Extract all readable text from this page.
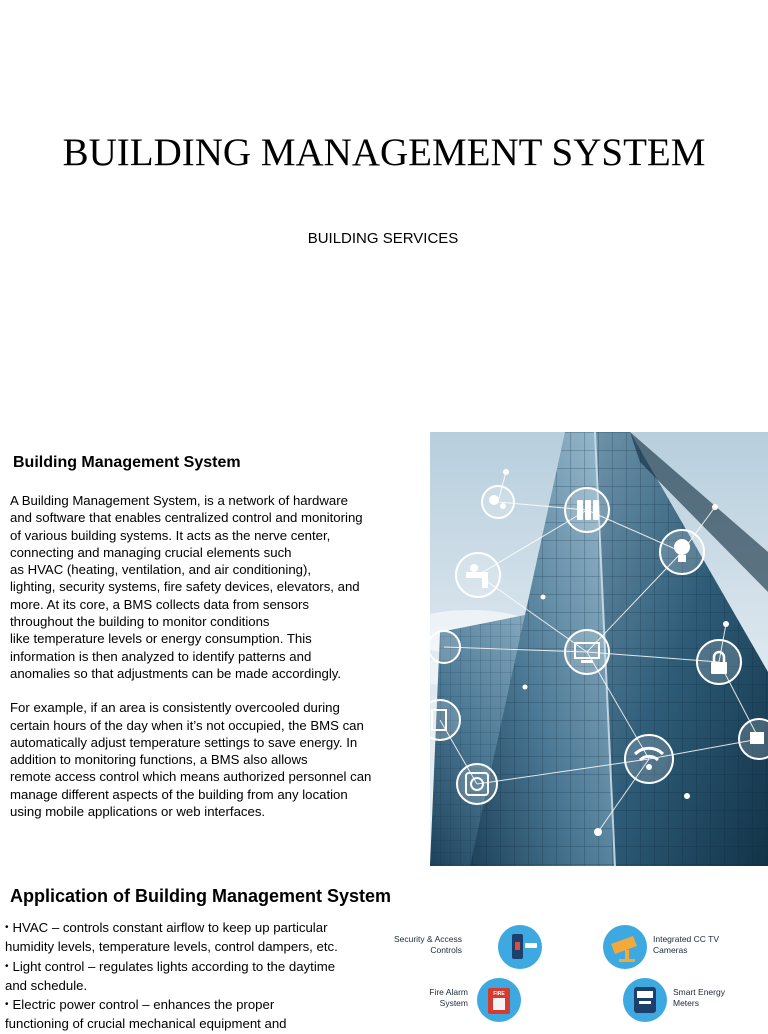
BUILDING MANAGEMENT SYSTEM
BUILDING SERVICES
Building Management System

A Building Management System, is a network of hardware
and software that enables centralized control and monitoring
of various building systems. It acts as the nerve center,
connecting and managing crucial elements such
as HVAC (heating, ventilation, and air conditioning),
lighting, security systems, fire safety devices, elevators, and
more. At its core, a BMS collects data from sensors
throughout the building to monitor conditions
like temperature levels or energy consumption. This
information is then analyzed to identify patterns and
anomalies so that adjustments can be made accordingly.

For example, if an area is consistently overcooled during
certain hours of the day when it’s not occupied, the BMS can
automatically adjust temperature settings to save energy. In
addition to monitoring functions, a BMS also allows
remote access control which means authorized personnel can
manage different aspects of the building from any location
using mobile applications or web interfaces.

Application of Building Management System
• HVAC – controls constant airflow to keep up particular
humidity levels, temperature levels, control dampers, etc.
• Light control – regulates lights according to the daytime
and schedule.
• Electric power control – enhances the proper
functioning of crucial mechanical equipment and
Security & Access
Controls
Integrated CC TV
Cameras
Fire Alarm
System
FIRE	Smart Energy
Meters
